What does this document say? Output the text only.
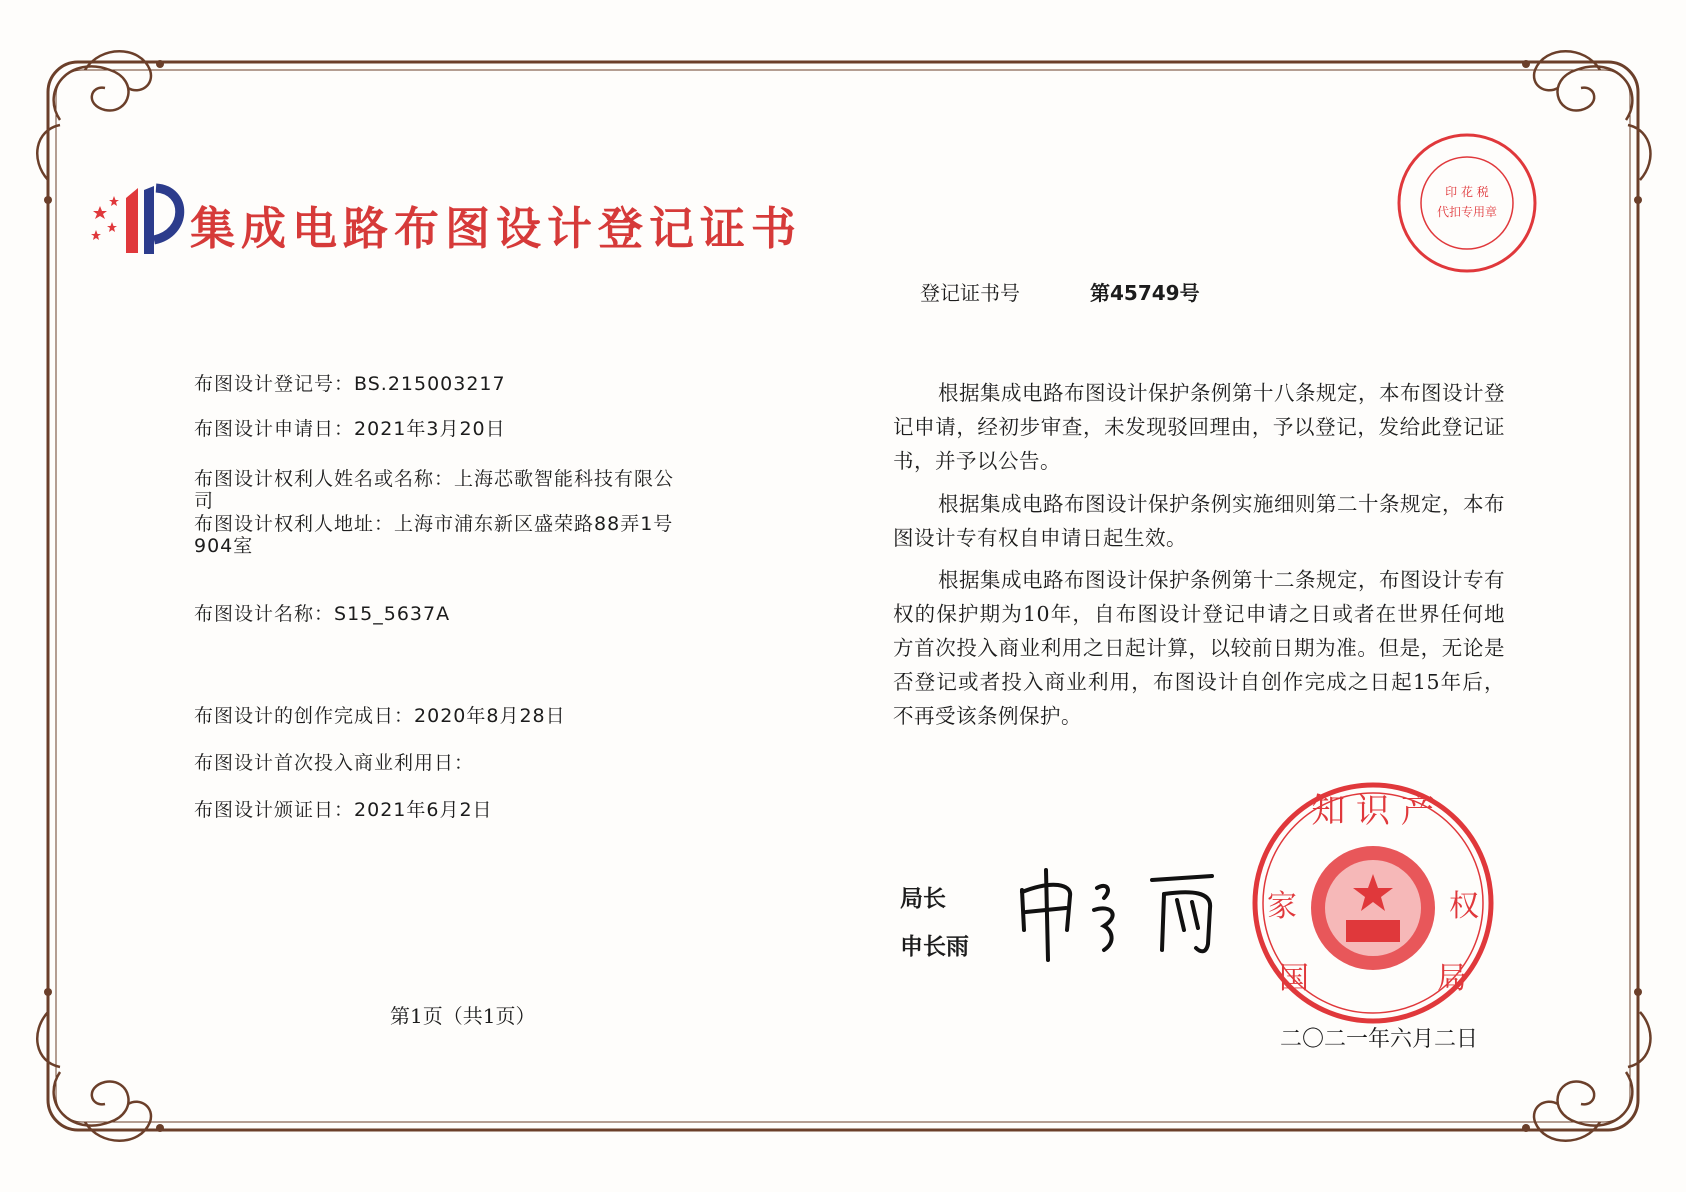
集成电路布图设计登记证书
印 花 税
代扣专用章
登记证书号	第45749号
布图设计登记号：BS.215003217
布图设计申请日：2021年3月20日
布图设计权利人姓名或名称：上海芯歌智能科技有限公司
布图设计权利人地址：上海市浦东新区盛荣路88弄1号904室
布图设计名称：S15_5637A
布图设计的创作完成日：2020年8月28日
布图设计首次投入商业利用日：
布图设计颁证日：2021年6月2日
根据集成电路布图设计保护条例第十八条规定，本布图设计登记申请，经初步审查，未发现驳回理由，予以登记，发给此登记证书，并予以公告。
根据集成电路布图设计保护条例实施细则第二十条规定，本布图设计专有权自申请日起生效。
根据集成电路布图设计保护条例第十二条规定，布图设计专有权的保护期为10年，自布图设计登记申请之日或者在世界任何地方首次投入商业利用之日起计算，以较前日期为准。但是，无论是否登记或者投入商业利用，布图设计自创作完成之日起15年后，不再受该条例保护。
第1页（共1页）
局长
申长雨
知 识 产
家	权
国	局
二〇二一年六月二日
